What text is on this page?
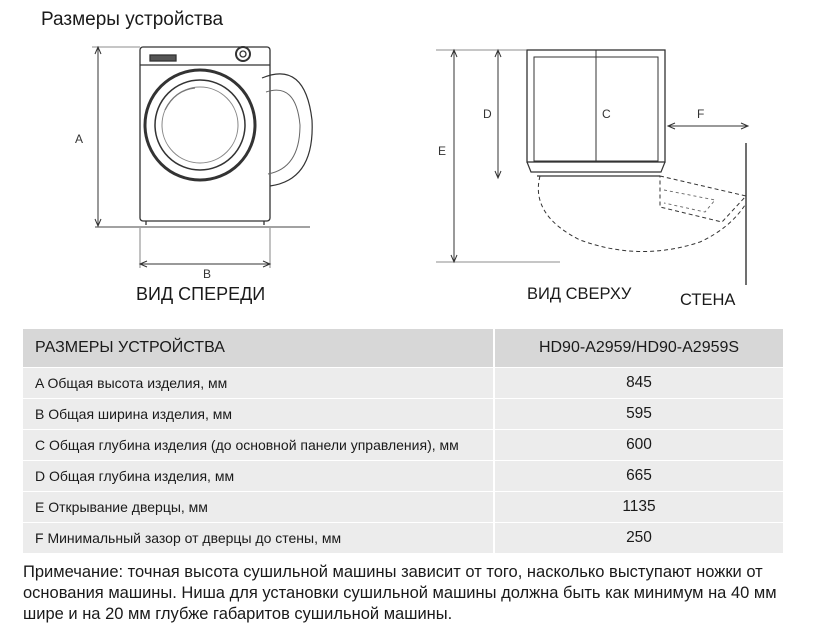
Размеры устройства
A
B
C
D
E
F
ВИД СПЕРЕДИ	ВИД СВЕРХУ	СТЕНА
РАЗМЕРЫ УСТРОЙСТВА	HD90-A2959/HD90-A2959S
A Общая высота изделия, мм	845
B Общая ширина изделия, мм	595
C Общая глубина изделия (до основной панели управления), мм	600
D Общая глубина изделия, мм	665
E Открывание дверцы, мм	1135
F Минимальный зазор от дверцы до стены, мм	250
Примечание: точная высота сушильной машины зависит от того, насколько выступают ножки от основания машины. Ниша для установки сушильной машины должна быть как минимум на 40 мм шире и на 20 мм глубже габаритов сушильной машины.
